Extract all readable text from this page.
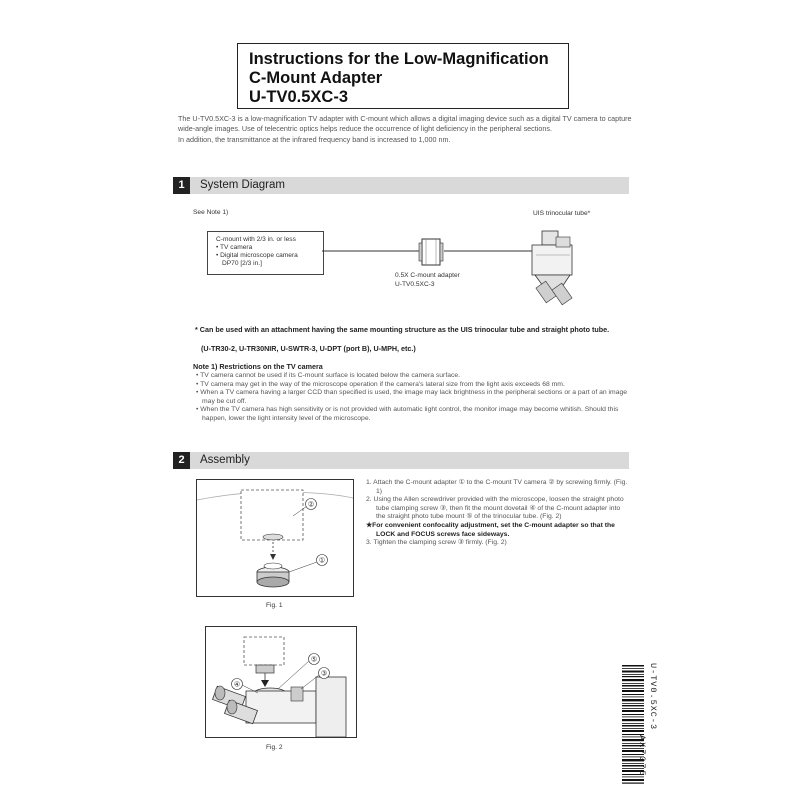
Instructions for the Low-Magnification
C-Mount Adapter
U-TV0.5XC-3

The U-TV0.5XC-3 is a low-magnification TV adapter with C-mount which allows a digital imaging device such as a digital TV camera to capture wide-angle images. Use of telecentric optics helps reduce the occurrence of light deficiency in the peripheral sections.

In addition, the transmittance at the infrared frequency band is increased to 1,000 nm.

1	System Diagram
See Note 1)
C-mount with 2/3 in. or less
• TV camera
• Digital microscope camera
DP70 [2/3 in.]
0.5X C-mount adapter
U-TV0.5XC-3
UIS trinocular tube*
* Can be used with an attachment having the same mounting structure as the UIS trinocular tube and straight photo tube.
(U-TR30-2, U-TR30NIR, U-SWTR-3, U-DPT (port B), U-MPH, etc.)
Note 1) Restrictions on the TV camera
• TV camera cannot be used if its C-mount surface is located below the camera surface.
• TV camera may get in the way of the microscope operation if the camera's lateral size from the light axis exceeds 68 mm.
• When a TV camera having a larger CCD than specified is used, the image may lack brightness in the peripheral sections or a part of an image may be cut off.
• When the TV camera has high sensitivity or is not provided with automatic light control, the monitor image may become whitish. Should this happen, lower the light intensity level of the microscope.
2	Assembly
②
①
Fig. 1
④
⑤
③
Fig. 2
1. Attach the C-mount adapter ① to the C-mount TV camera ② by screwing firmly. (Fig. 1)
2. Using the Allen screwdriver provided with the microscope, loosen the straight photo tube clamping screw ③, then fit the mount dovetail ④ of the C-mount adapter into the straight photo tube mount ⑤ of the trinocular tube. (Fig. 2)
★For convenient confocality adjustment, set the C-mount adapter so that the LOCK and FOCUS screws face sideways.
3. Tighten the clamping screw ③ firmly. (Fig. 2)
U-TV0.5XC-3
AX7375
